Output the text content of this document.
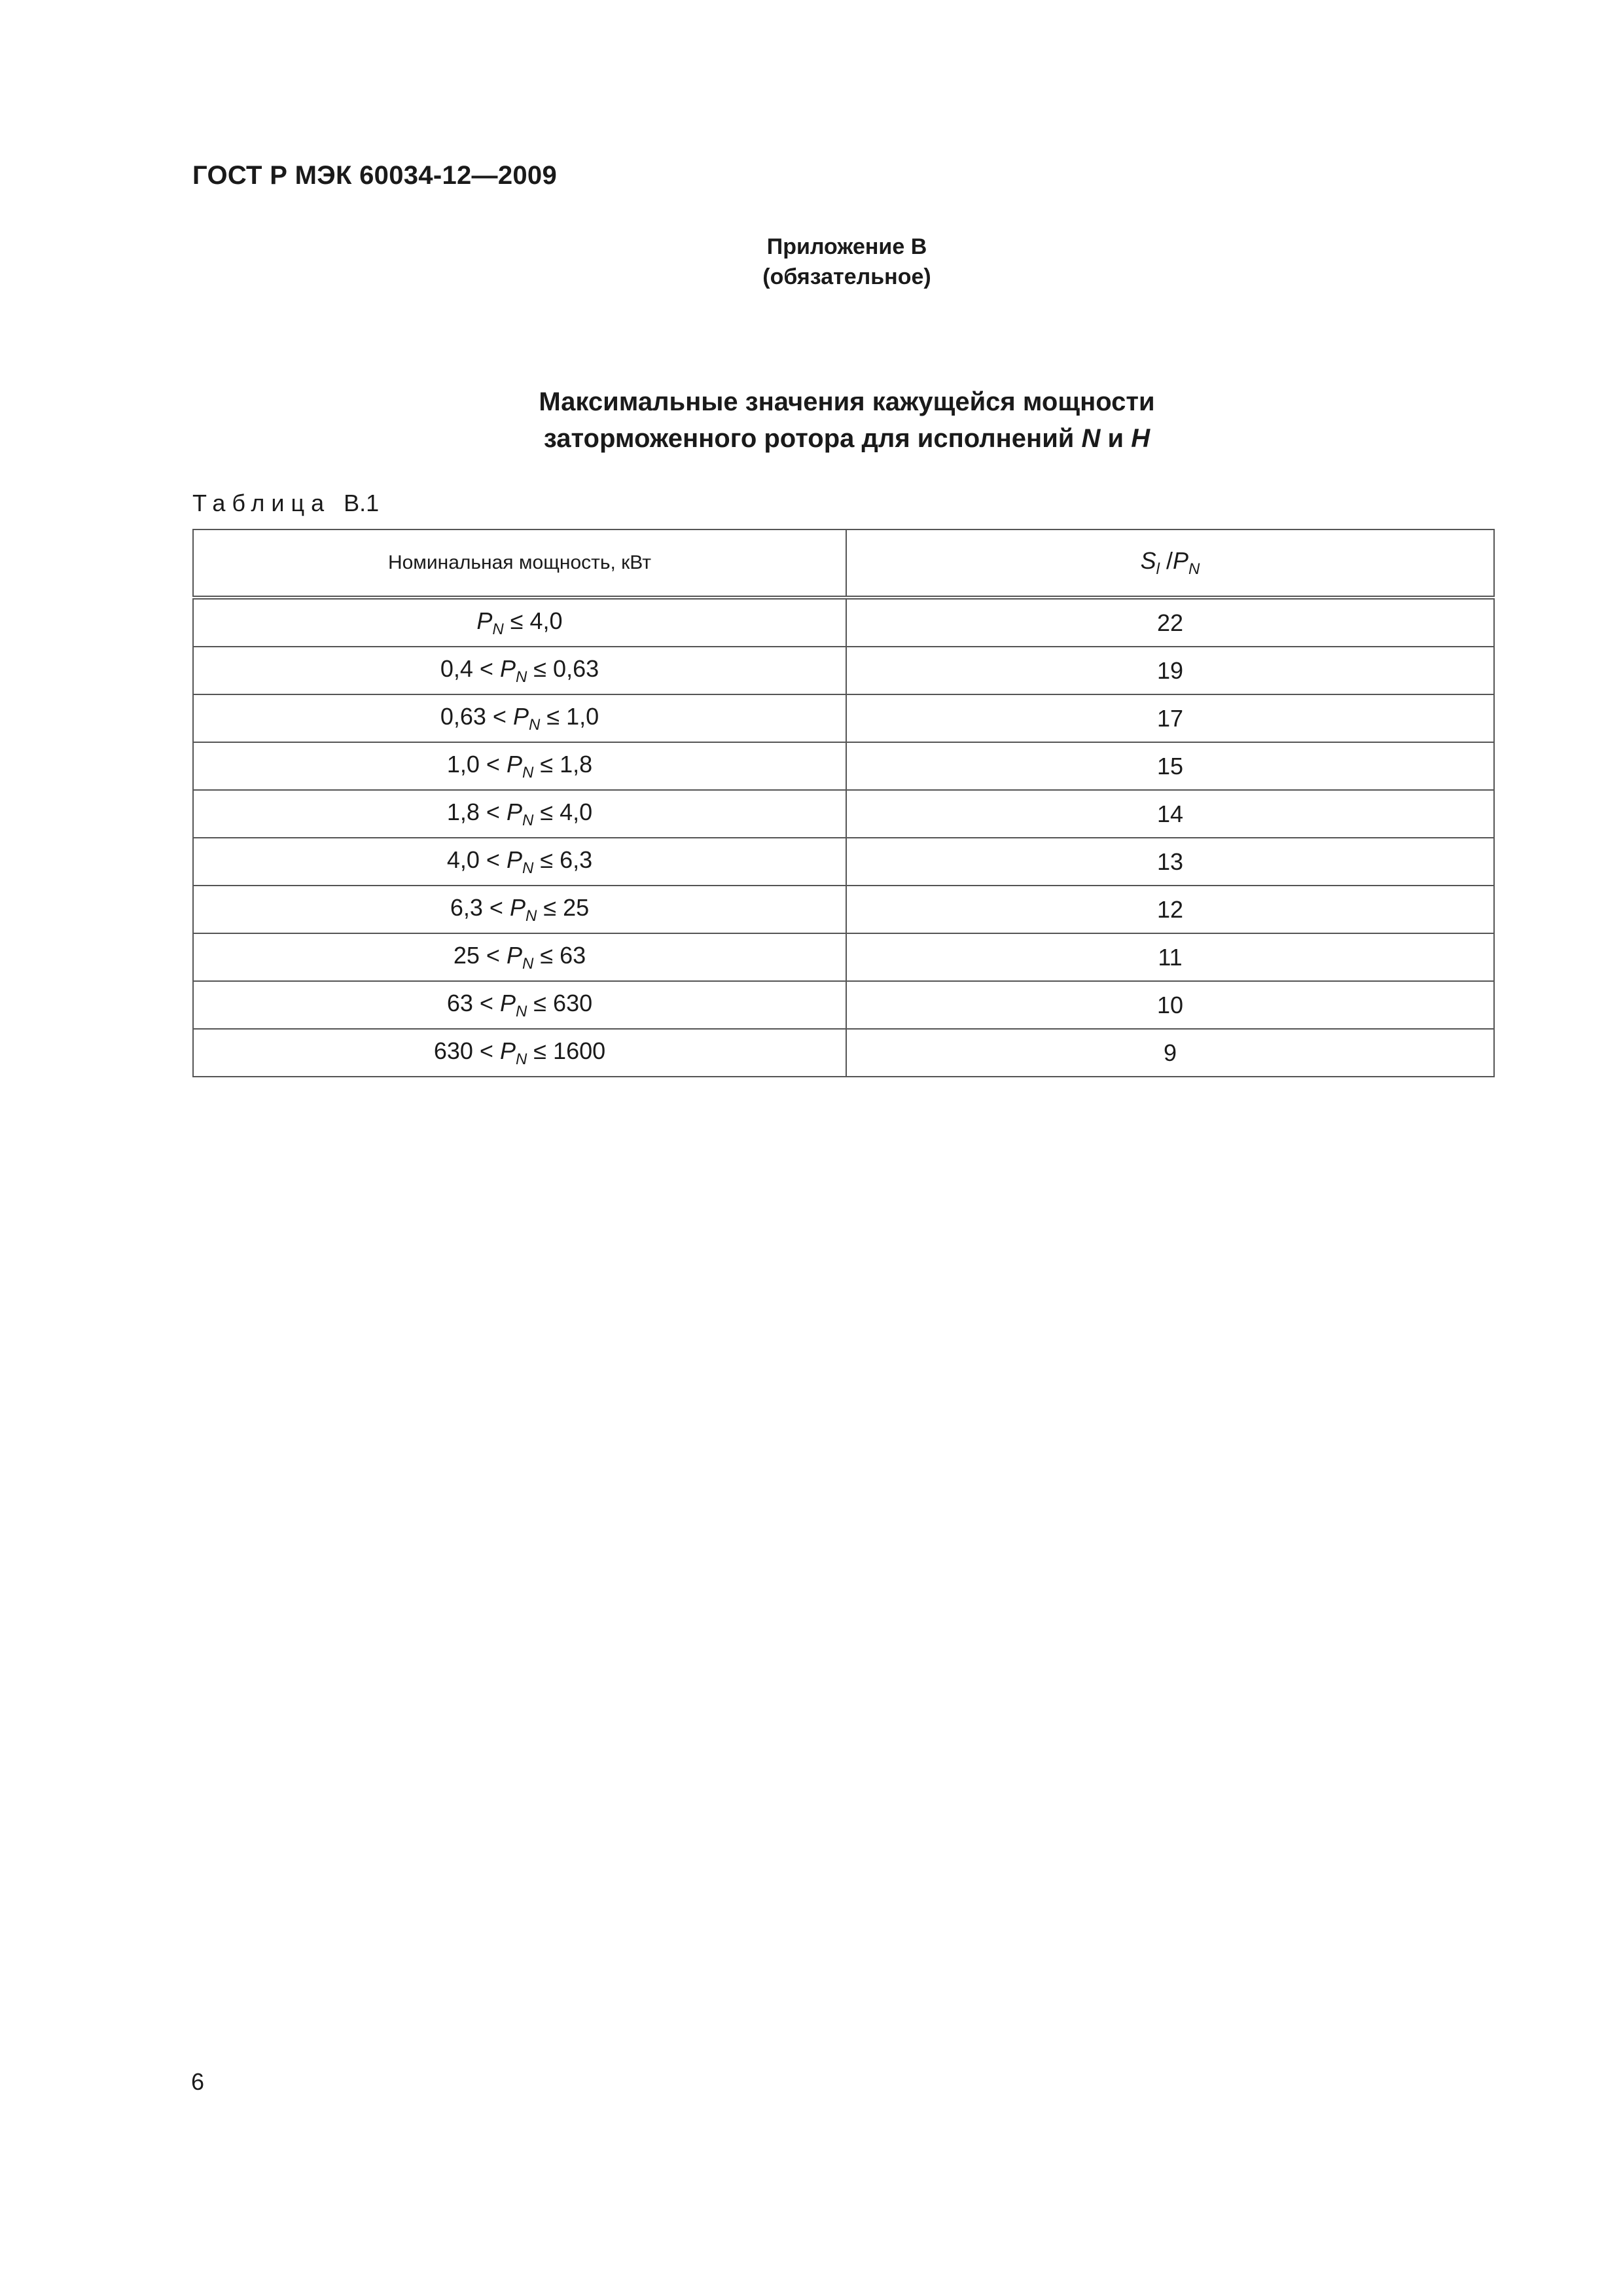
ГОСТ Р МЭК 60034-12—2009
Приложение В
(обязательное)
Максимальные значения кажущейся мощности
заторможенного ротора для исполнений N и H
Таблица В.1
Номинальная мощность, кВт	$S_l$ $/P_N$
$P_N \le 4,0$	22
$0,4 < P_N \le 0,63$	19
$0,63 < P_N \le 1,0$	17
$1,0 < P_N \le 1,8$	15
$1,8 < P_N \le 4,0$	14
$4,0 < P_N \le 6,3$	13
$6,3 < P_N \le 25$	12
$25 < P_N \le 63$	11
$63 < P_N \le 630$	10
$630 < P_N \le 1600$	9
6
